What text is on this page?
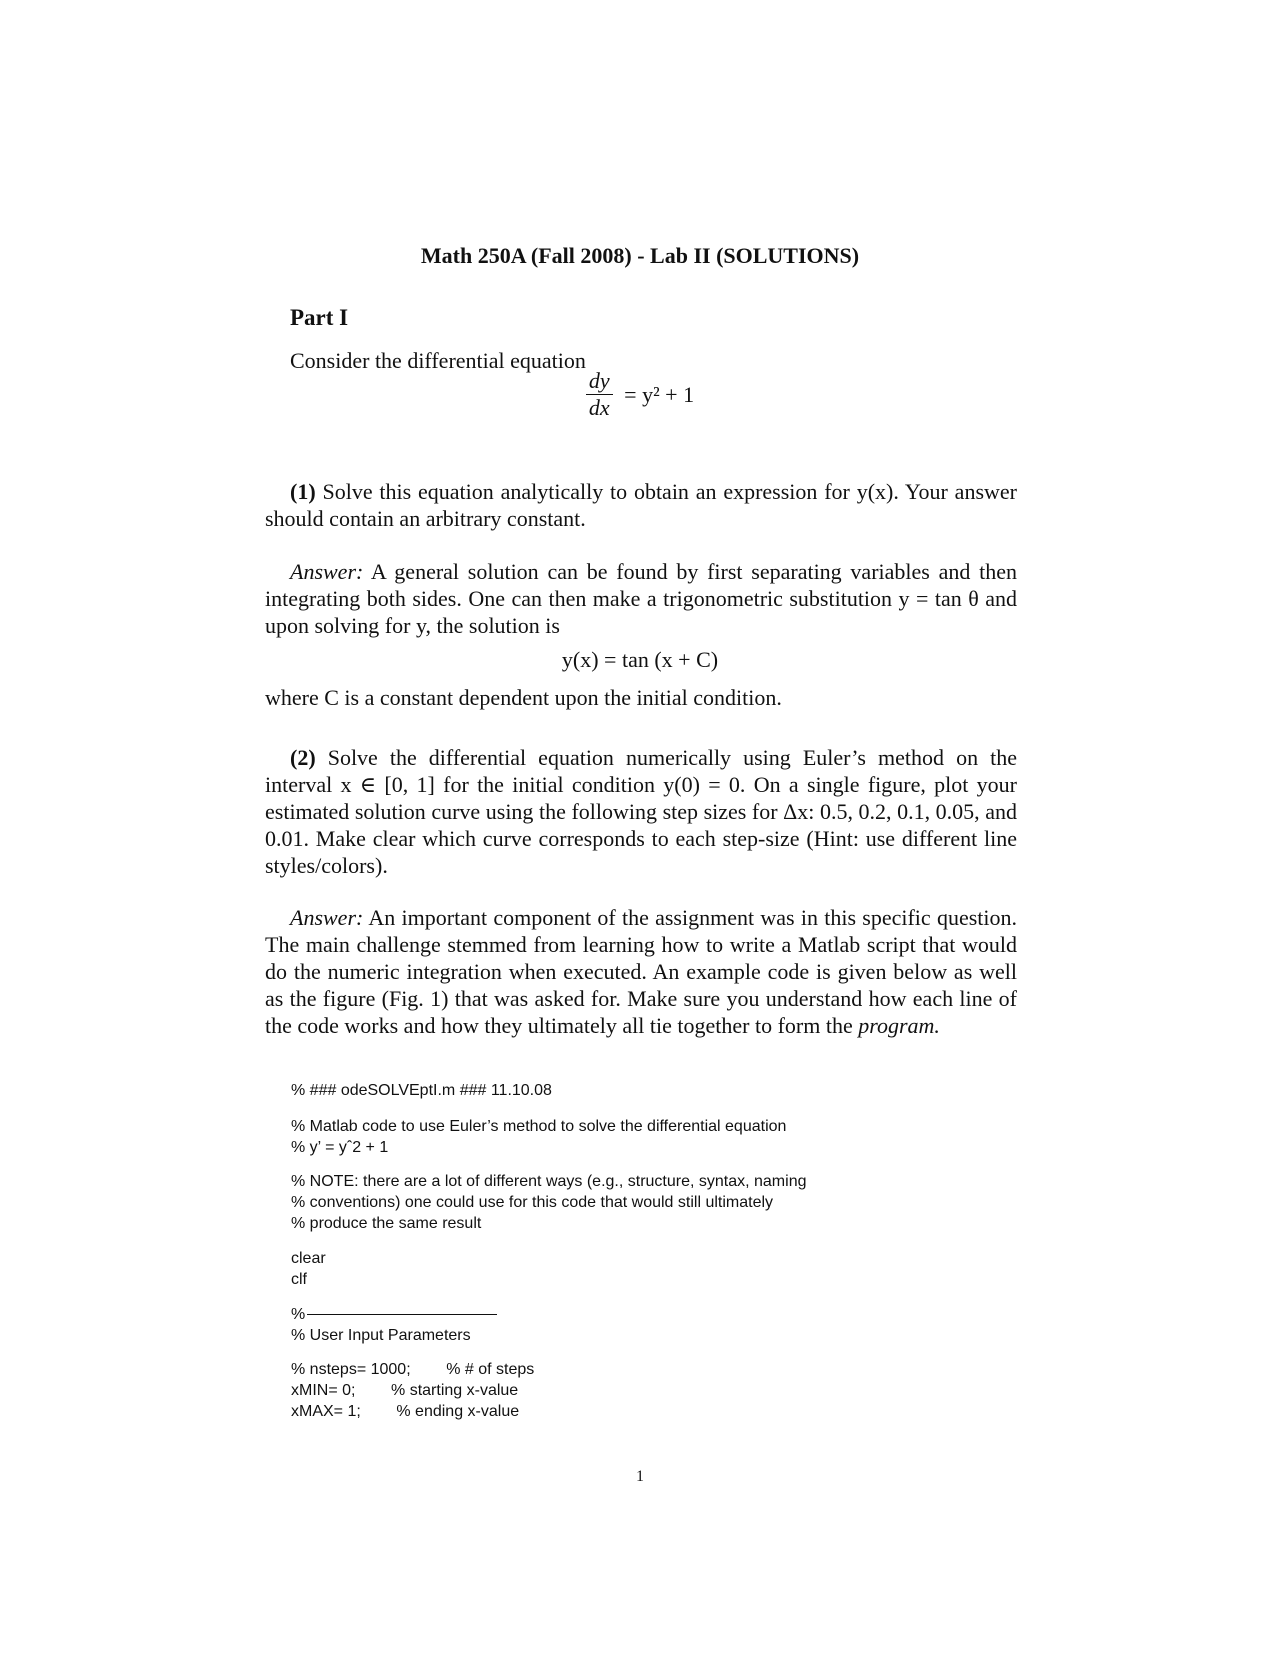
Math 250A (Fall 2008) - Lab II (SOLUTIONS)
Part I
Consider the differential equation
$\frac{dy}{dx} = y^2 + 1$
(1) Solve this equation analytically to obtain an expression for y(x). Your answer should contain an arbitrary constant.
Answer: A general solution can be found by first separating variables and then integrating both sides. One can then make a trigonometric substitution y = tan θ and upon solving for y, the solution is
y(x) = tan (x + C)
where C is a constant dependent upon the initial condition.
(2) Solve the differential equation numerically using Euler’s method on the interval x ∈ [0, 1] for the initial condition y(0) = 0. On a single figure, plot your estimated solution curve using the following step sizes for Δx: 0.5, 0.2, 0.1, 0.05, and 0.01. Make clear which curve corresponds to each step-size (Hint: use different line styles/colors).
Answer: An important component of the assignment was in this specific question. The main challenge stemmed from learning how to write a Matlab script that would do the numeric integration when executed. An example code is given below as well as the figure (Fig. 1) that was asked for. Make sure you understand how each line of the code works and how they ultimately all tie together to form the program.
% ### odeSOLVEptI.m ### 11.10.08
% Matlab code to use Euler’s method to solve the differential equation
% y’ = yˆ2 + 1
% NOTE: there are a lot of different ways (e.g., structure, syntax, naming
% conventions) one could use for this code that would still ultimately
% produce the same result
clear
clf
%
% User Input Parameters
% nsteps= 1000;        % # of steps
xMIN= 0;        % starting x-value
xMAX= 1;        % ending x-value
1
